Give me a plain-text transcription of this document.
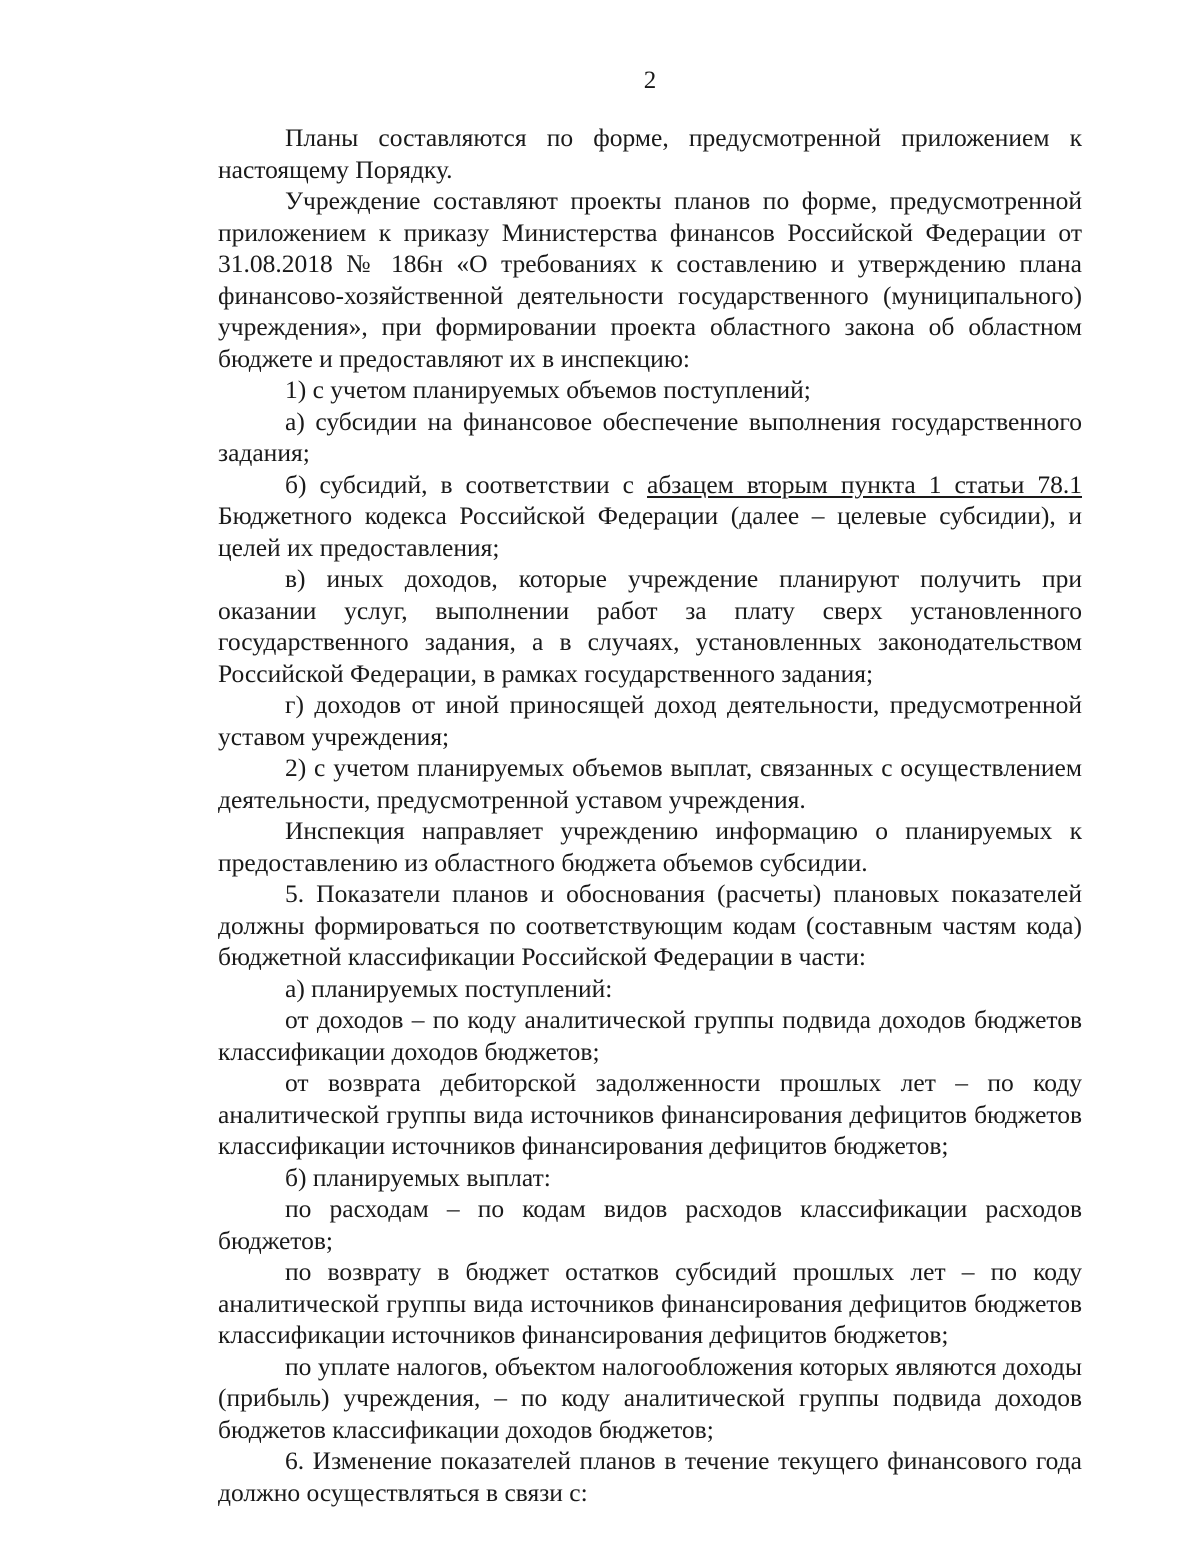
2

Планы составляются по форме, предусмотренной приложением к настоящему Порядку.

Учреждение составляют проекты планов по форме, предусмотренной приложением к приказу Министерства финансов Российской Федерации от 31.08.2018 № 186н «О требованиях к составлению и утверждению плана финансово-хозяйственной деятельности государственного (муниципального) учреждения», при формировании проекта областного закона об областном бюджете и предоставляют их в инспекцию:

1) с учетом планируемых объемов поступлений;

а) субсидии на финансовое обеспечение выполнения государственного задания;

б) субсидий, в соответствии с абзацем вторым пункта 1 статьи 78.1 Бюджетного кодекса Российской Федерации (далее – целевые субсидии), и целей их предоставления;

в) иных доходов, которые учреждение планируют получить при оказании услуг, выполнении работ за плату сверх установленного государственного задания, а в случаях, установленных законодательством Российской Федерации, в рамках государственного задания;

г) доходов от иной приносящей доход деятельности, предусмотренной уставом учреждения;

2) с учетом планируемых объемов выплат, связанных с осуществлением деятельности, предусмотренной уставом учреждения.

Инспекция направляет учреждению информацию о планируемых к предоставлению из областного бюджета объемов субсидии.

5. Показатели планов и обоснования (расчеты) плановых показателей должны формироваться по соответствующим кодам (составным частям кода) бюджетной классификации Российской Федерации в части:

а) планируемых поступлений:

от доходов – по коду аналитической группы подвида доходов бюджетов классификации доходов бюджетов;

от возврата дебиторской задолженности прошлых лет – по коду аналитической группы вида источников финансирования дефицитов бюджетов классификации источников финансирования дефицитов бюджетов;

б) планируемых выплат:

по расходам – по кодам видов расходов классификации расходов бюджетов;

по возврату в бюджет остатков субсидий прошлых лет – по коду аналитической группы вида источников финансирования дефицитов бюджетов классификации источников финансирования дефицитов бюджетов;

по уплате налогов, объектом налогообложения которых являются доходы (прибыль) учреждения, – по коду аналитической группы подвида доходов бюджетов классификации доходов бюджетов;

6. Изменение показателей планов в течение текущего финансового года должно осуществляться в связи с:
